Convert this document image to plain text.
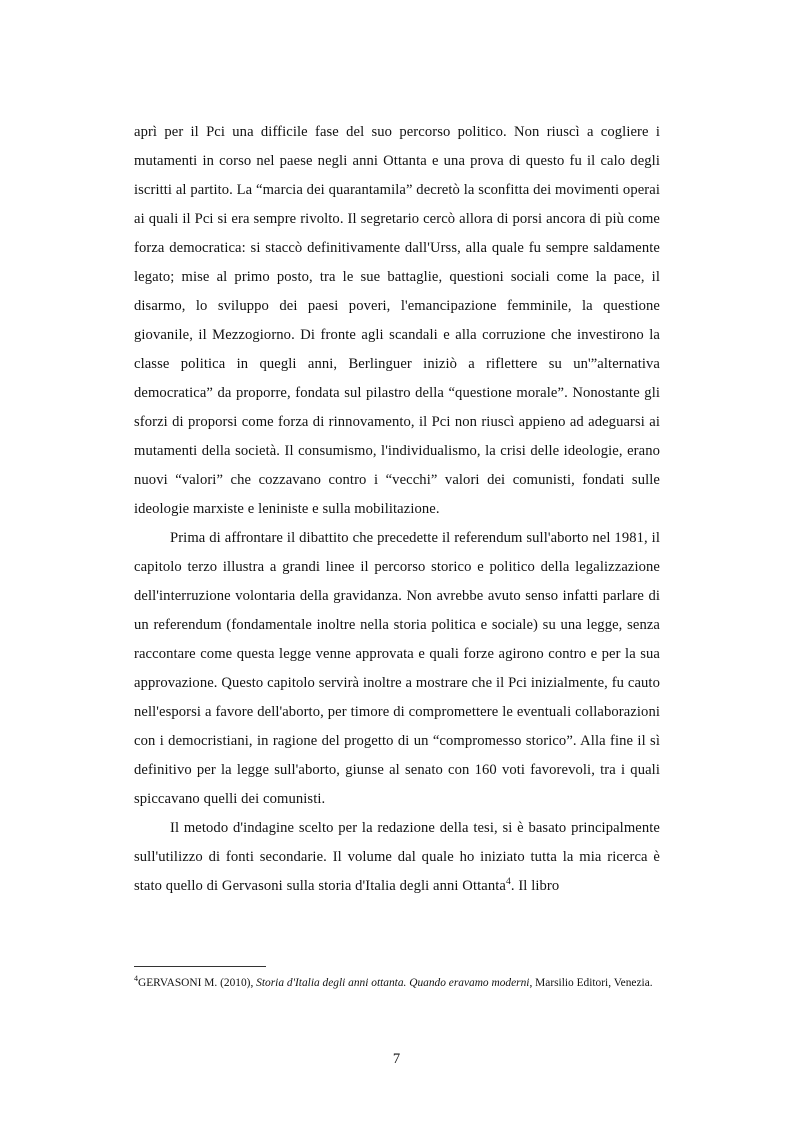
aprì per il Pci una difficile fase del suo percorso politico. Non riuscì a cogliere i mutamenti in corso nel paese negli anni Ottanta e una prova di questo fu il calo degli iscritti al partito. La “marcia dei quarantamila” decretò la sconfitta dei movimenti operai ai quali il Pci si era sempre rivolto. Il segretario cercò allora di porsi ancora di più come forza democratica: si staccò definitivamente dall'Urss, alla quale fu sempre saldamente legato; mise al primo posto, tra le sue battaglie, questioni sociali come la pace, il disarmo, lo sviluppo dei paesi poveri, l'emancipazione femminile, la questione giovanile, il Mezzogiorno. Di fronte agli scandali e alla corruzione che investirono la classe politica in quegli anni, Berlinguer iniziò a riflettere su un'”alternativa democratica” da proporre, fondata sul pilastro della “questione morale”. Nonostante gli sforzi di proporsi come forza di rinnovamento, il Pci non riuscì appieno ad adeguarsi ai mutamenti della società. Il consumismo, l'individualismo, la crisi delle ideologie, erano nuovi “valori” che cozzavano contro i “vecchi” valori dei comunisti, fondati sulle ideologie marxiste e leniniste e sulla mobilitazione.

Prima di affrontare il dibattito che precedette il referendum sull'aborto nel 1981, il capitolo terzo illustra a grandi linee il percorso storico e politico della legalizzazione dell'interruzione volontaria della gravidanza. Non avrebbe avuto senso infatti parlare di un referendum (fondamentale inoltre nella storia politica e sociale) su una legge, senza raccontare come questa legge venne approvata e quali forze agirono contro e per la sua approvazione. Questo capitolo servirà inoltre a mostrare che il Pci inizialmente, fu cauto nell'esporsi a favore dell'aborto, per timore di compromettere le eventuali collaborazioni con i democristiani, in ragione del progetto di un “compromesso storico”. Alla fine il sì definitivo per la legge sull'aborto, giunse al senato con 160 voti favorevoli, tra i quali spiccavano quelli dei comunisti.

Il metodo d'indagine scelto per la redazione della tesi, si è basato principalmente sull'utilizzo di fonti secondarie. Il volume dal quale ho iniziato tutta la mia ricerca è stato quello di Gervasoni sulla storia d'Italia degli anni Ottanta$^4$. Il libro

$^4$GERVASONI M. (2010), Storia d'Italia degli anni ottanta. Quando eravamo moderni, Marsilio Editori, Venezia.
7
